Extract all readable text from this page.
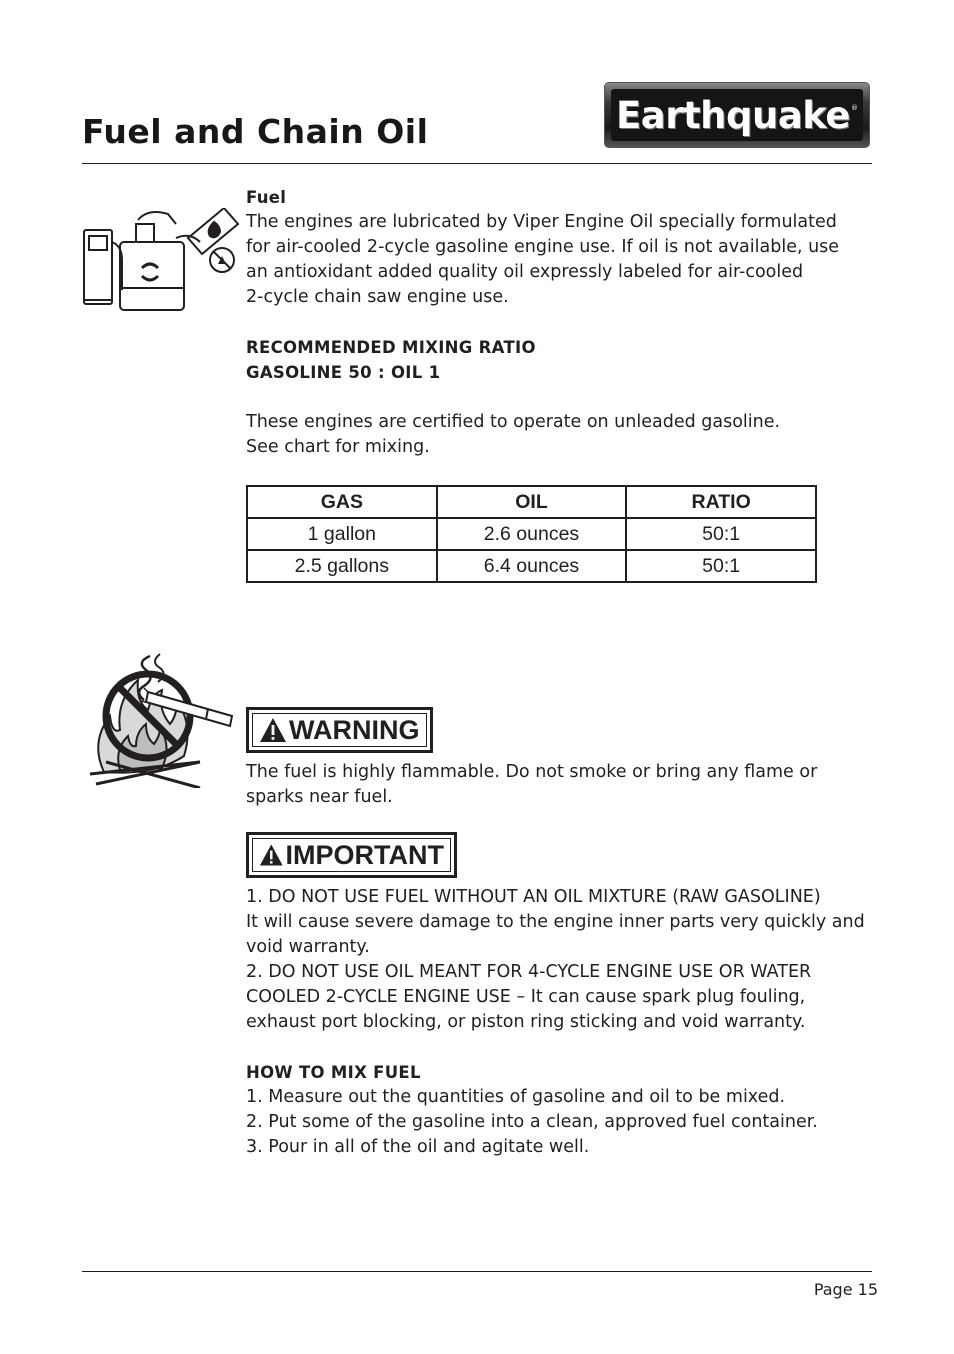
Fuel and Chain Oil	Earthquake ®
Fuel

The engines are lubricated by Viper Engine Oil specially formulated

for air-cooled 2-cycle gasoline engine use. If oil is not available, use

an antioxidant added quality oil expressly labeled for air-cooled

2-cycle chain saw engine use.

RECOMMENDED MIXING RATIO

GASOLINE 50 : OIL 1

These engines are certified to operate on unleaded gasoline.

See chart for mixing.

GAS	OIL	RATIO
1 gallon	2.6 ounces	50:1
2.5 gallons	6.4 ounces	50:1
WARNING

The fuel is highly flammable. Do not smoke or bring any flame or

sparks near fuel.

IMPORTANT

1. DO NOT USE FUEL WITHOUT AN OIL MIXTURE (RAW GASOLINE)

It will cause severe damage to the engine inner parts very quickly and

void warranty.

2. DO NOT USE OIL MEANT FOR 4-CYCLE ENGINE USE OR WATER

COOLED 2-CYCLE ENGINE USE – It can cause spark plug fouling,

exhaust port blocking, or piston ring sticking and void warranty.

HOW TO MIX FUEL

1. Measure out the quantities of gasoline and oil to be mixed.

2. Put some of the gasoline into a clean, approved fuel container.

3. Pour in all of the oil and agitate well.

Page 15
